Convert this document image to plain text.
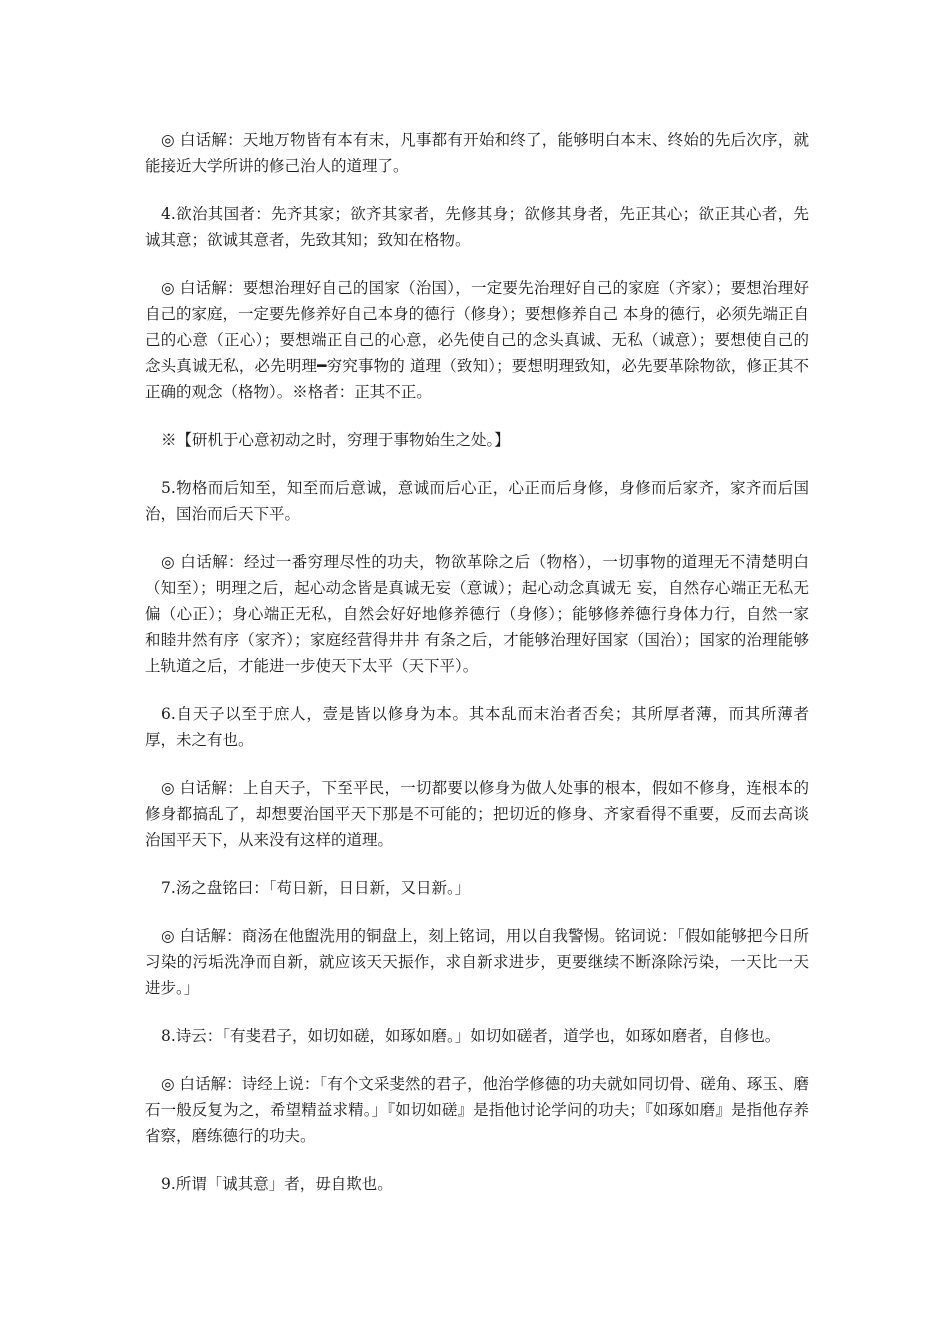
◎ 白话解：天地万物皆有本有末，凡事都有开始和终了，能够明白本末、终始的先后次序，就能接近大学所讲的修己治人的道理了。

4.欲治其国者：先齐其家；欲齐其家者，先修其身；欲修其身者，先正其心；欲正其心者，先诚其意；欲诚其意者，先致其知；致知在格物。

◎ 白话解：要想治理好自己的国家（治国），一定要先治理好自己的家庭（齐家）；要想治理好自己的家庭，一定要先修养好自己本身的德行（修身）；要想修养自己 本身的德行，必须先端正自己的心意（正心）；要想端正自己的心意，必先使自己的念头真诚、无私（诚意）；要想使自己的念头真诚无私，必先明理━穷究事物的 道理（致知）；要想明理致知，必先要革除物欲，修正其不正确的观念（格物）。※格者：正其不正。

※【研机于心意初动之时，穷理于事物始生之处。】

5.物格而后知至，知至而后意诚，意诚而后心正，心正而后身修，身修而后家齐，家齐而后国治，国治而后天下平。

◎ 白话解：经过一番穷理尽性的功夫，物欲革除之后（物格），一切事物的道理无不清楚明白（知至）；明理之后，起心动念皆是真诚无妄（意诚）；起心动念真诚无 妄，自然存心端正无私无偏（心正）；身心端正无私，自然会好好地修养德行（身修）；能够修养德行身体力行，自然一家和睦井然有序（家齐）；家庭经营得井井 有条之后，才能够治理好国家（国治）；国家的治理能够上轨道之后，才能进一步使天下太平（天下平）。

6.自天子以至于庶人，壹是皆以修身为本。其本乱而末治者否矣；其所厚者薄，而其所薄者厚，未之有也。

◎ 白话解：上自天子，下至平民，一切都要以修身为做人处事的根本，假如不修身，连根本的修身都搞乱了，却想要治国平天下那是不可能的；把切近的修身、齐家看得不重要，反而去高谈治国平天下，从来没有这样的道理。

7.汤之盘铭曰：「苟日新，日日新，又日新。」

◎ 白话解：商汤在他盥洗用的铜盘上，刻上铭词，用以自我警惕。铭词说：「假如能够把今日所习染的污垢洗净而自新，就应该天天振作，求自新求进步，更要继续不断涤除污染，一天比一天进步。」

8.诗云：「有斐君子，如切如磋，如琢如磨。」如切如磋者，道学也，如琢如磨者，自修也。

◎ 白话解：诗经上说：「有个文采斐然的君子，他治学修德的功夫就如同切骨、磋角、琢玉、磨石一般反复为之，希望精益求精。」『如切如磋』是指他讨论学问的功夫；『如琢如磨』是指他存养省察，磨练德行的功夫。

9.所谓「诚其意」者，毋自欺也。
